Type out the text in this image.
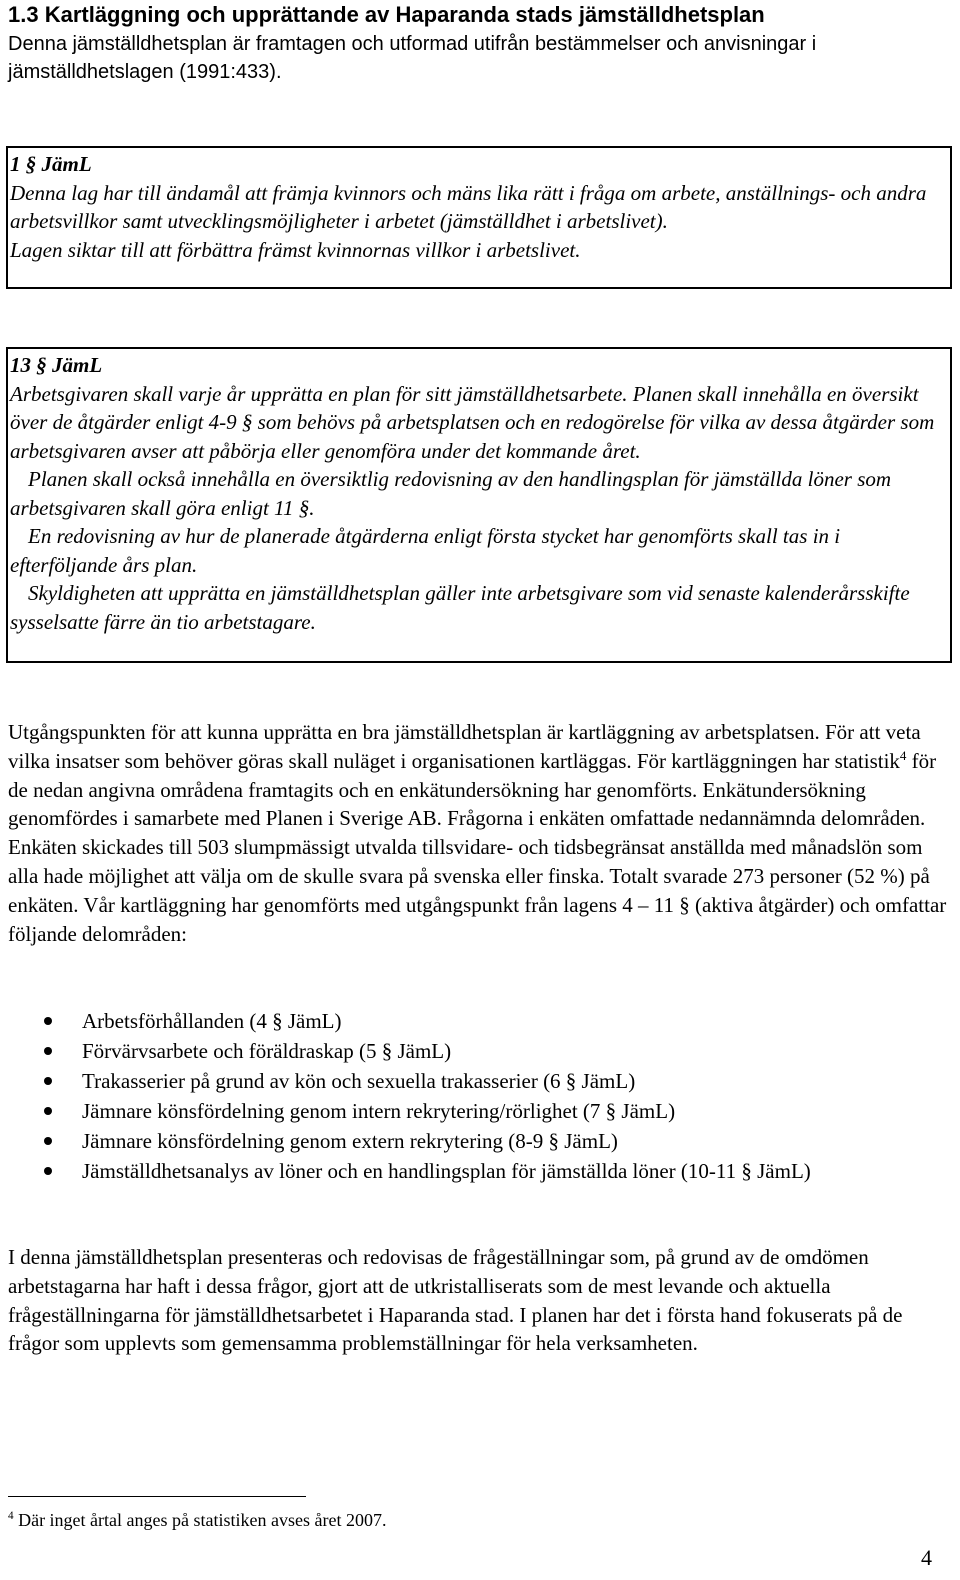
1.3 Kartläggning och upprättande av Haparanda stads jämställdhetsplan
Denna jämställdhetsplan är framtagen och utformad utifrån bestämmelser och anvisningar i jämställdhetslagen (1991:433).

1 § JämL

Denna lag har till ändamål att främja kvinnors och mäns lika rätt i fråga om arbete, anställnings- och andra arbetsvillkor samt utvecklingsmöjligheter i arbetet (jämställdhet i arbetslivet).

Lagen siktar till att förbättra främst kvinnornas villkor i arbetslivet.

13 § JämL

Arbetsgivaren skall varje år upprätta en plan för sitt jämställdhetsarbete. Planen skall innehålla en översikt över de åtgärder enligt 4-9 § som behövs på arbetsplatsen och en redogörelse för vilka av dessa åtgärder som arbetsgivaren avser att påbörja eller genomföra under det kommande året.

Planen skall också innehålla en översiktlig redovisning av den handlingsplan för jämställda löner som arbetsgivaren skall göra enligt 11 §.

En redovisning av hur de planerade åtgärderna enligt första stycket har genomförts skall tas in i efterföljande års plan.

Skyldigheten att upprätta en jämställdhetsplan gäller inte arbetsgivare som vid senaste kalenderårsskifte sysselsatte färre än tio arbetstagare.

Utgångspunkten för att kunna upprätta en bra jämställdhetsplan är kartläggning av arbetsplatsen. För att veta vilka insatser som behöver göras skall nuläget i organisationen kartläggas. För kartläggningen har statistik$^4$ för de nedan angivna områdena framtagits och en enkätundersökning har genomförts. Enkätundersökning genomfördes i samarbete med Planen i Sverige AB. Frågorna i enkäten omfattade nedannämnda delområden. Enkäten skickades till 503 slumpmässigt utvalda tillsvidare- och tidsbegränsat anställda med månadslön som alla hade möjlighet att välja om de skulle svara på svenska eller finska. Totalt svarade 273 personer (52 %) på enkäten. Vår kartläggning har genomförts med utgångspunkt från lagens 4 – 11 § (aktiva åtgärder) och omfattar följande delområden:
Arbetsförhållanden (4 § JämL)
Förvärvsarbete och föräldraskap (5 § JämL)
Trakasserier på grund av kön och sexuella trakasserier (6 § JämL)
Jämnare könsfördelning genom intern rekrytering/rörlighet (7 § JämL)
Jämnare könsfördelning genom extern rekrytering (8-9 § JämL)
Jämställdhetsanalys av löner och en handlingsplan för jämställda löner (10-11 § JämL)
I denna jämställdhetsplan presenteras och redovisas de frågeställningar som, på grund av de omdömen arbetstagarna har haft i dessa frågor, gjort att de utkristalliserats som de mest levande och aktuella frågeställningarna för jämställdhetsarbetet i Haparanda stad. I planen har det i första hand fokuserats på de frågor som upplevts som gemensamma problemställningar för hela verksamheten.
$^4$ Där inget årtal anges på statistiken avses året 2007.
4
